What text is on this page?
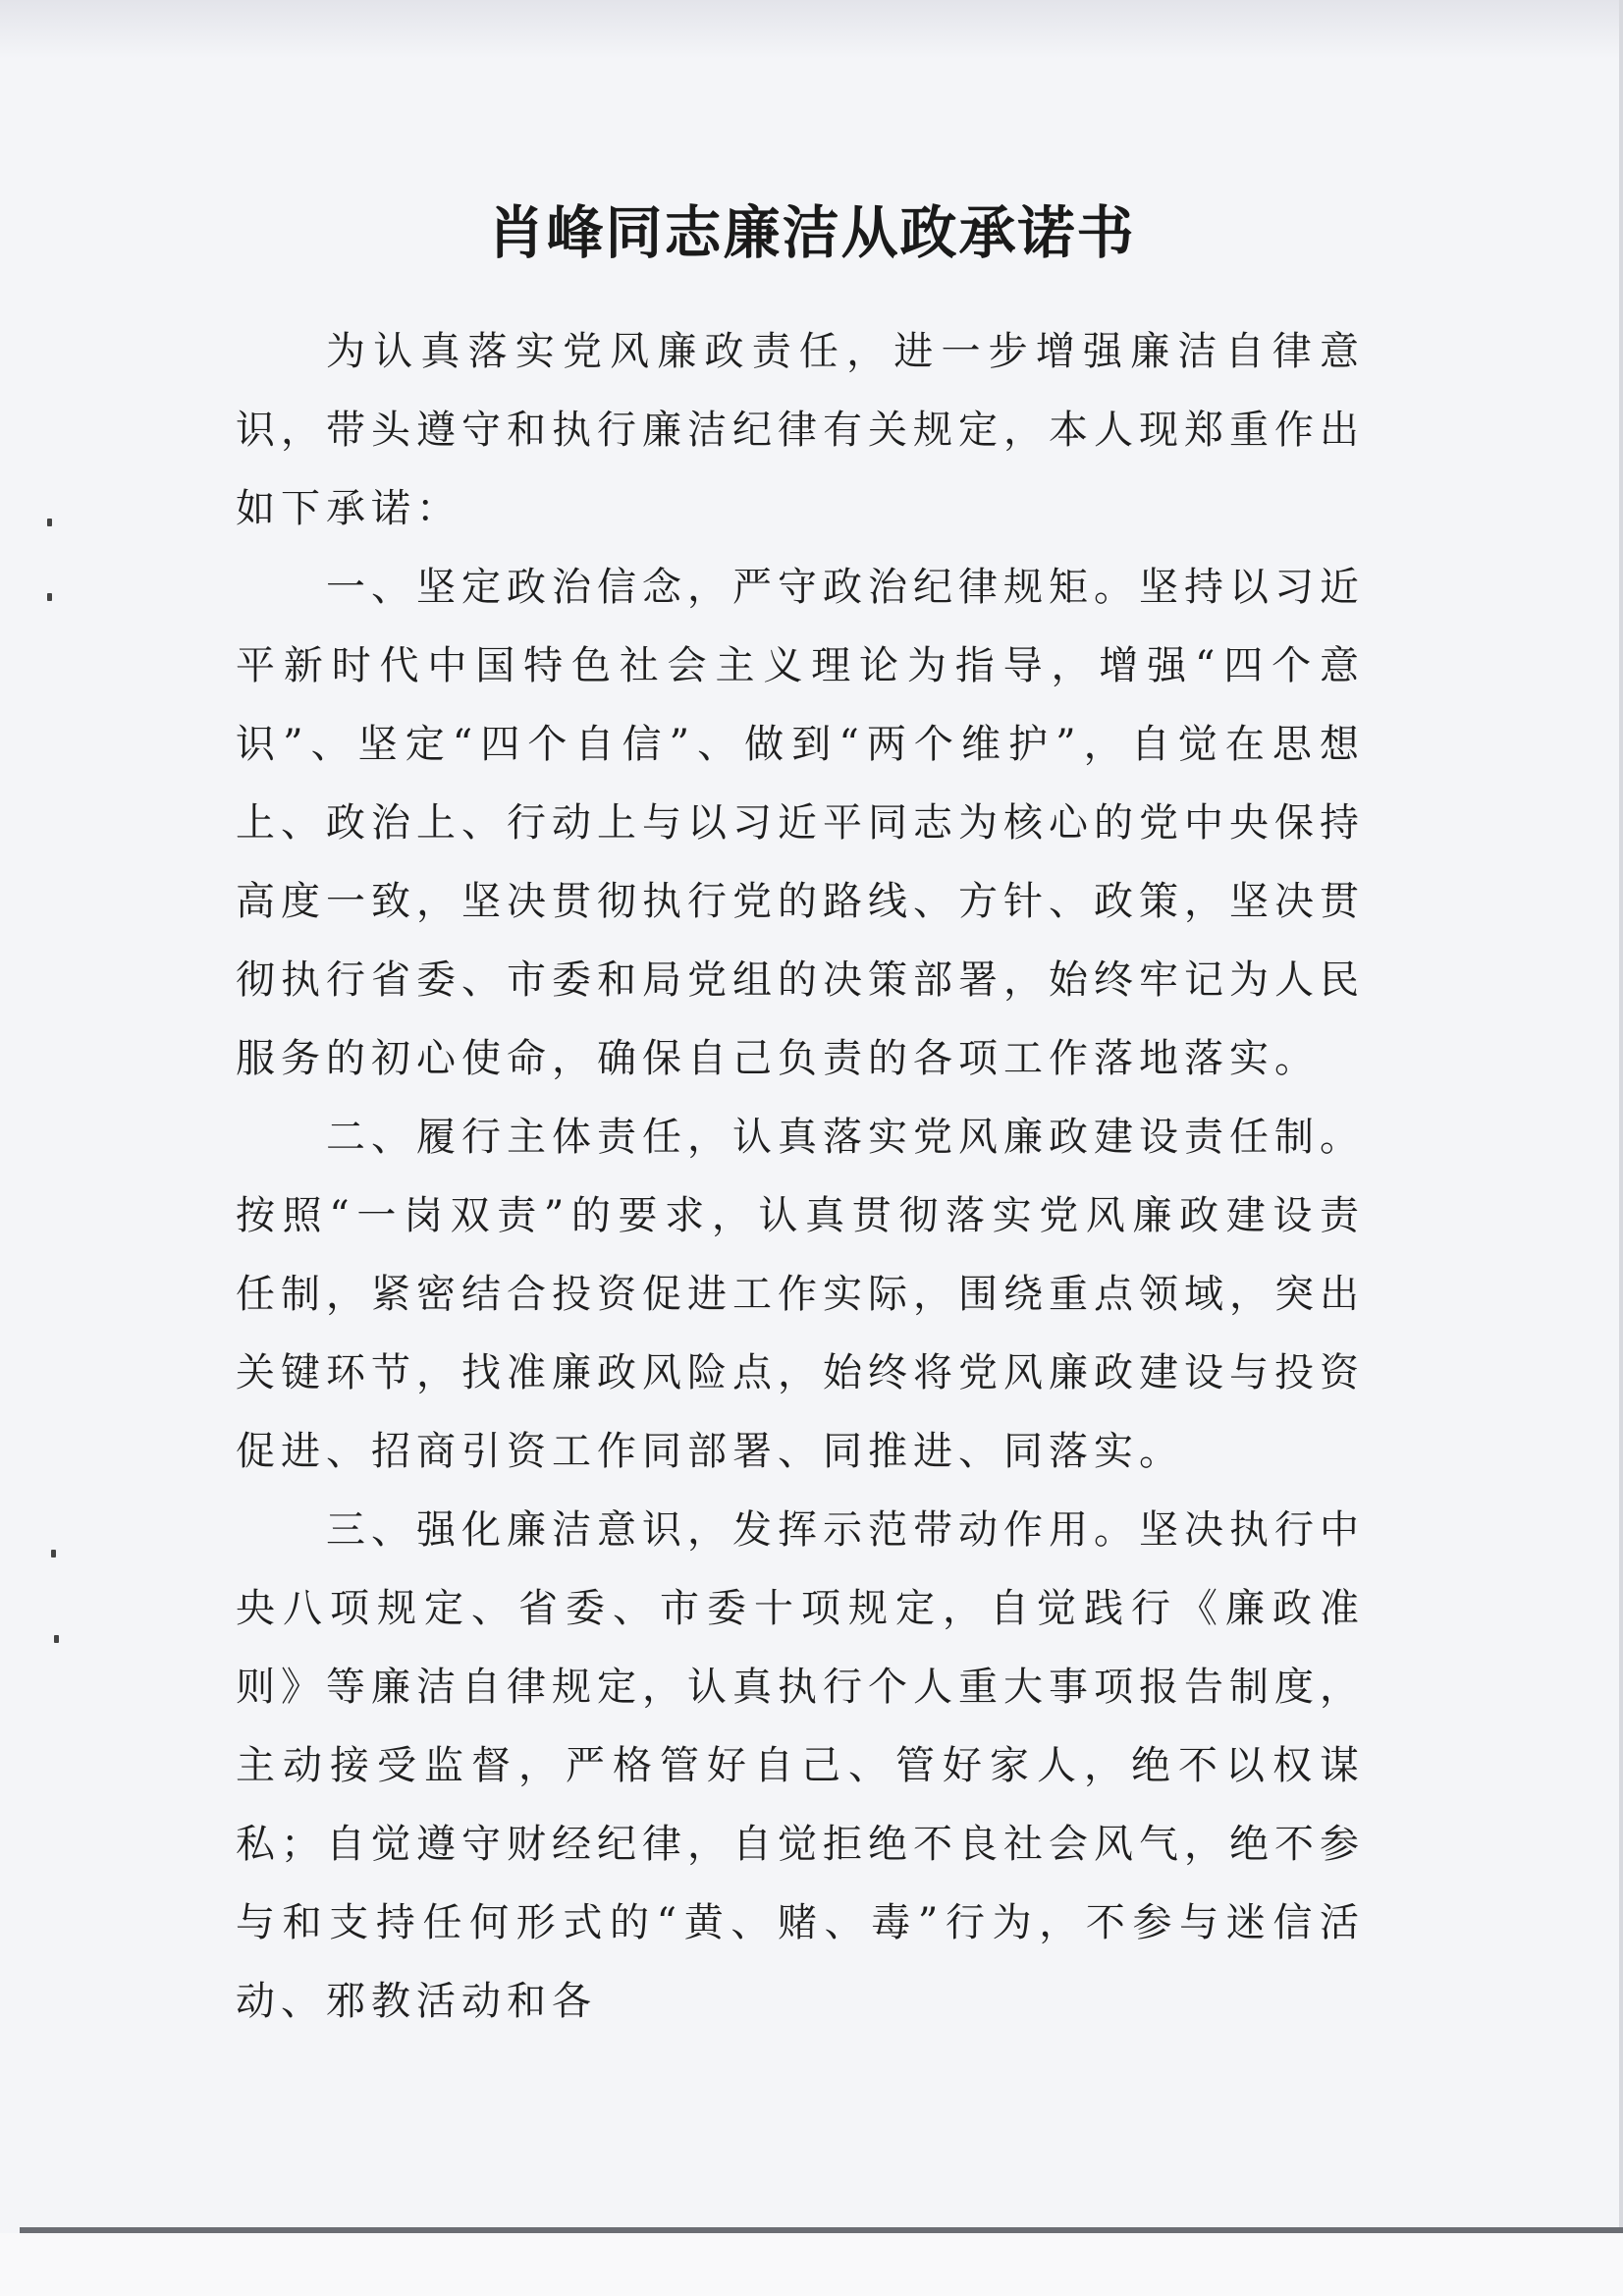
肖峰同志廉洁从政承诺书

为认真落实党风廉政责任，进一步增强廉洁自律意识，带头遵守和执行廉洁纪律有关规定，本人现郑重作出如下承诺：

一、坚定政治信念，严守政治纪律规矩。坚持以习近平新时代中国特色社会主义理论为指导，增强“四个意识”、坚定“四个自信”、做到“两个维护”，自觉在思想上、政治上、行动上与以习近平同志为核心的党中央保持高度一致，坚决贯彻执行党的路线、方针、政策，坚决贯彻执行省委、市委和局党组的决策部署，始终牢记为人民服务的初心使命，确保自己负责的各项工作落地落实。

二、履行主体责任，认真落实党风廉政建设责任制。按照“一岗双责”的要求，认真贯彻落实党风廉政建设责任制，紧密结合投资促进工作实际，围绕重点领域，突出关键环节，找准廉政风险点，始终将党风廉政建设与投资促进、招商引资工作同部署、同推进、同落实。

三、强化廉洁意识，发挥示范带动作用。坚决执行中央八项规定、省委、市委十项规定，自觉践行《廉政准则》等廉洁自律规定，认真执行个人重大事项报告制度，主动接受监督，严格管好自己、管好家人，绝不以权谋私；自觉遵守财经纪律，自觉拒绝不良社会风气，绝不参与和支持任何形式的“黄、赌、毒”行为，不参与迷信活动、邪教活动和各
